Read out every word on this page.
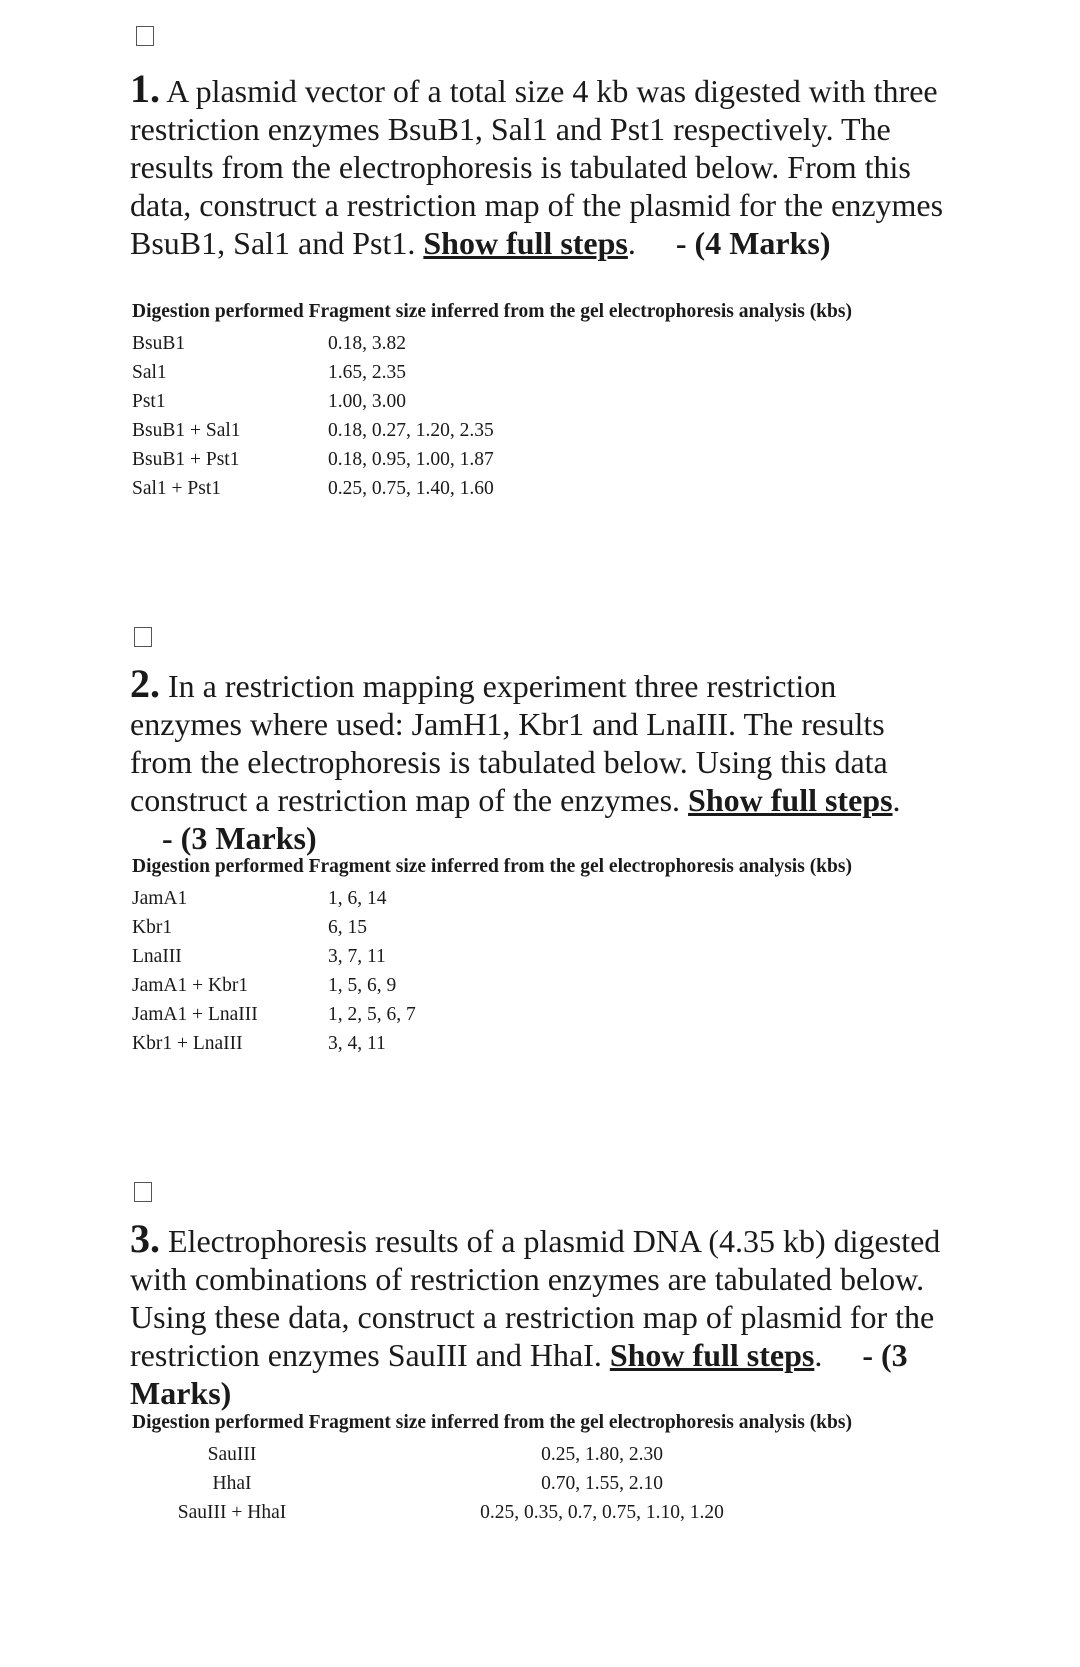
1. A plasmid vector of a total size 4 kb was digested with three restriction enzymes BsuB1, Sal1 and Pst1 respectively. The results from the electrophoresis is tabulated below. From this data, construct a restriction map of the plasmid for the enzymes BsuB1, Sal1 and Pst1. Show full steps. - (4 Marks)
Digestion performed Fragment size inferred from the gel electrophoresis analysis (kbs)
BsuB1	0.18, 3.82
Sal1	1.65, 2.35
Pst1	1.00, 3.00
BsuB1 + Sal1	0.18, 0.27, 1.20, 2.35
BsuB1 + Pst1	0.18, 0.95, 1.00, 1.87
Sal1 + Pst1	0.25, 0.75, 1.40, 1.60
2. In a restriction mapping experiment three restriction enzymes where used: JamH1, Kbr1 and LnaIII. The results from the electrophoresis is tabulated below. Using this data construct a restriction map of the enzymes. Show full steps.     - (3 Marks)
Digestion performed Fragment size inferred from the gel electrophoresis analysis (kbs)
JamA1	1, 6, 14
Kbr1	6, 15
LnaIII	3, 7, 11
JamA1 + Kbr1	1, 5, 6, 9
JamA1 + LnaIII	1, 2, 5, 6, 7
Kbr1 + LnaIII	3, 4, 11
3. Electrophoresis results of a plasmid DNA (4.35 kb) digested with combinations of restriction enzymes are tabulated below. Using these data, construct a restriction map of plasmid for the restriction enzymes SauIII and HhaI. Show full steps. - (3 Marks)
Digestion performed Fragment size inferred from the gel electrophoresis analysis (kbs)
SauIII	0.25, 1.80, 2.30
HhaI	0.70, 1.55, 2.10
SauIII + HhaI	0.25, 0.35, 0.7, 0.75, 1.10, 1.20
